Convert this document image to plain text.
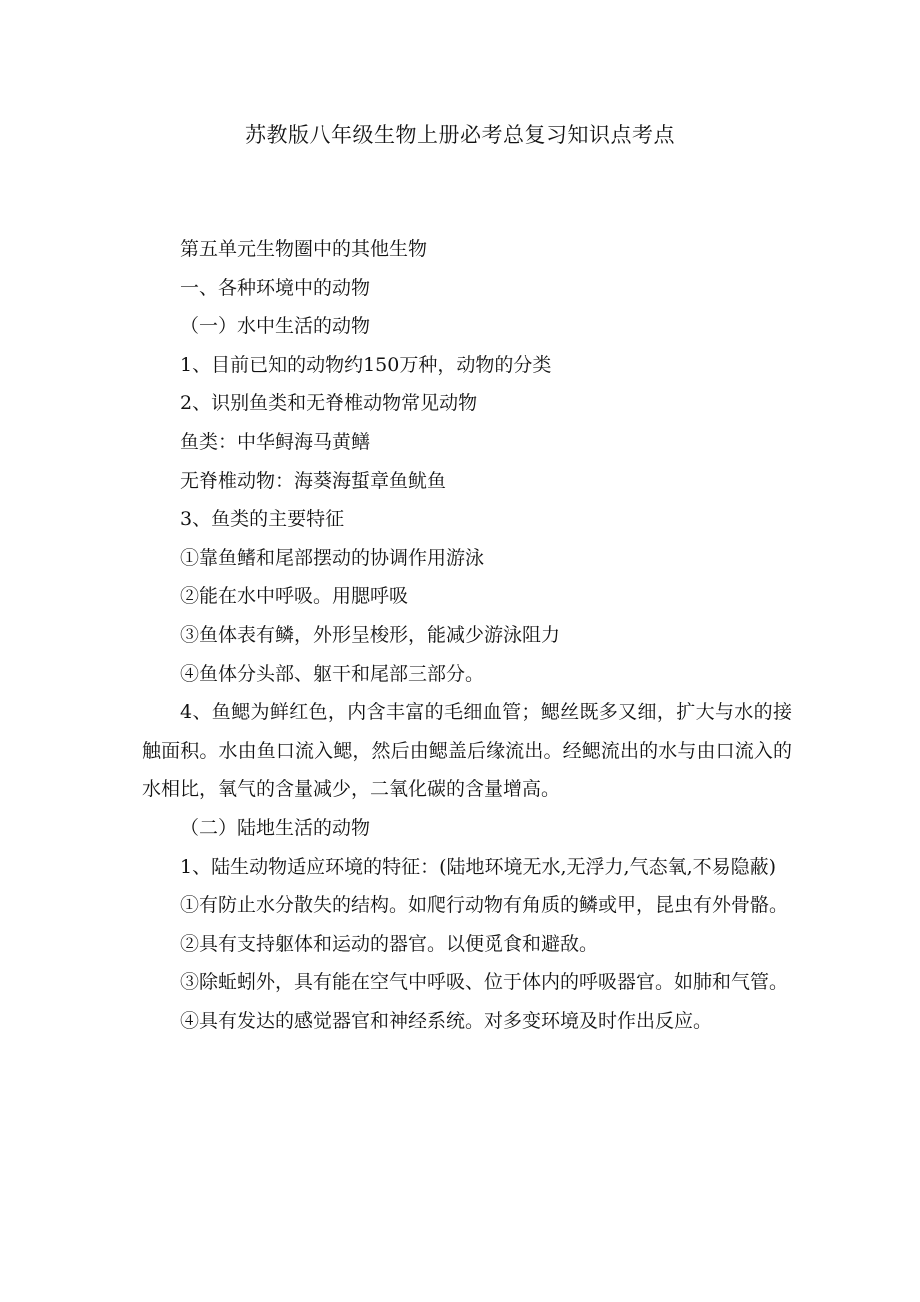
苏教版八年级生物上册必考总复习知识点考点

第五单元生物圈中的其他生物

一、各种环境中的动物

（一）水中生活的动物

1、目前已知的动物约150万种，动物的分类

2、识别鱼类和无脊椎动物常见动物

鱼类：中华鲟海马黄鳝

无脊椎动物：海葵海蜇章鱼鱿鱼

3、鱼类的主要特征

①靠鱼鳍和尾部摆动的协调作用游泳

②能在水中呼吸。用腮呼吸

③鱼体表有鳞，外形呈梭形，能减少游泳阻力

④鱼体分头部、躯干和尾部三部分。

4、鱼鳃为鲜红色，内含丰富的毛细血管；鳃丝既多又细，扩大与水的接触面积。水由鱼口流入鳃，然后由鳃盖后缘流出。经鳃流出的水与由口流入的水相比，氧气的含量减少，二氧化碳的含量增高。

（二）陆地生活的动物

1、陆生动物适应环境的特征：(陆地环境无水,无浮力,气态氧,不易隐蔽)

①有防止水分散失的结构。如爬行动物有角质的鳞或甲，昆虫有外骨骼。

②具有支持躯体和运动的器官。以便觅食和避敌。

③除蚯蚓外，具有能在空气中呼吸、位于体内的呼吸器官。如肺和气管。

④具有发达的感觉器官和神经系统。对多变环境及时作出反应。
